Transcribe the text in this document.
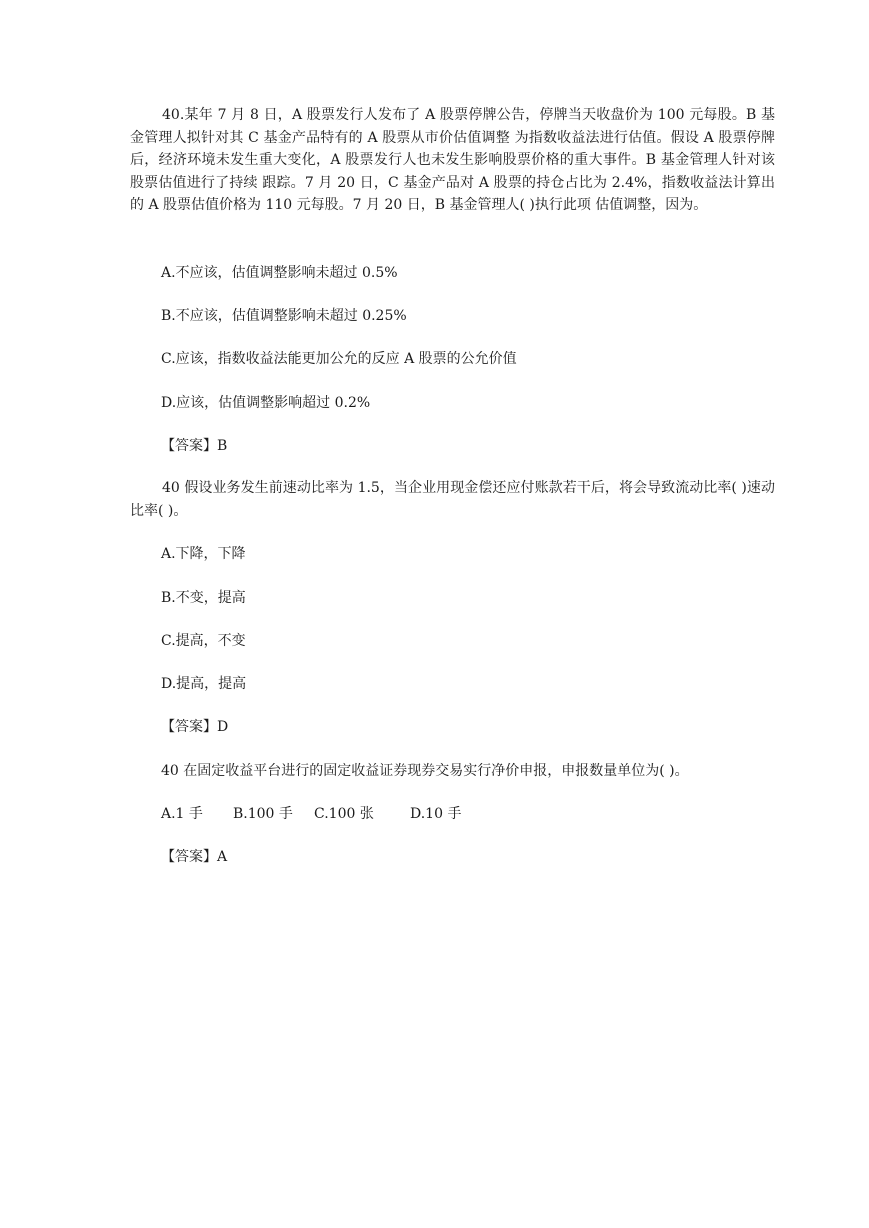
40.某年 7 月 8 日，A 股票发行人发布了 A 股票停牌公告，停牌当天收盘价为 100 元每股。B 基金管理人拟针对其 C 基金产品特有的 A 股票从市价估值调整 为指数收益法进行估值。假设 A 股票停牌后，经济环境未发生重大变化，A 股票发行人也未发生影响股票价格的重大事件。B 基金管理人针对该股票估值进行了持续 跟踪。7 月 20 日，C 基金产品对 A 股票的持仓占比为 2.4%，指数收益法计算出的 A 股票估值价格为 110 元每股。7 月 20 日，B 基金管理人( )执行此项 估值调整，因为。
A.不应该，估值调整影响未超过 0.5%
B.不应该，估值调整影响未超过 0.25%
C.应该，指数收益法能更加公允的反应 A 股票的公允价值
D.应该，估值调整影响超过 0.2%
【答案】B
40 假设业务发生前速动比率为 1.5，当企业用现金偿还应付账款若干后，将会导致流动比率( )速动比率( )。
A.下降，下降
B.不变，提高
C.提高，不变
D.提高，提高
【答案】D
40 在固定收益平台进行的固定收益证券现券交易实行净价申报，申报数量单位为( )。
A.1 手 B.100 手 C.100 张	D.10 手
【答案】A
